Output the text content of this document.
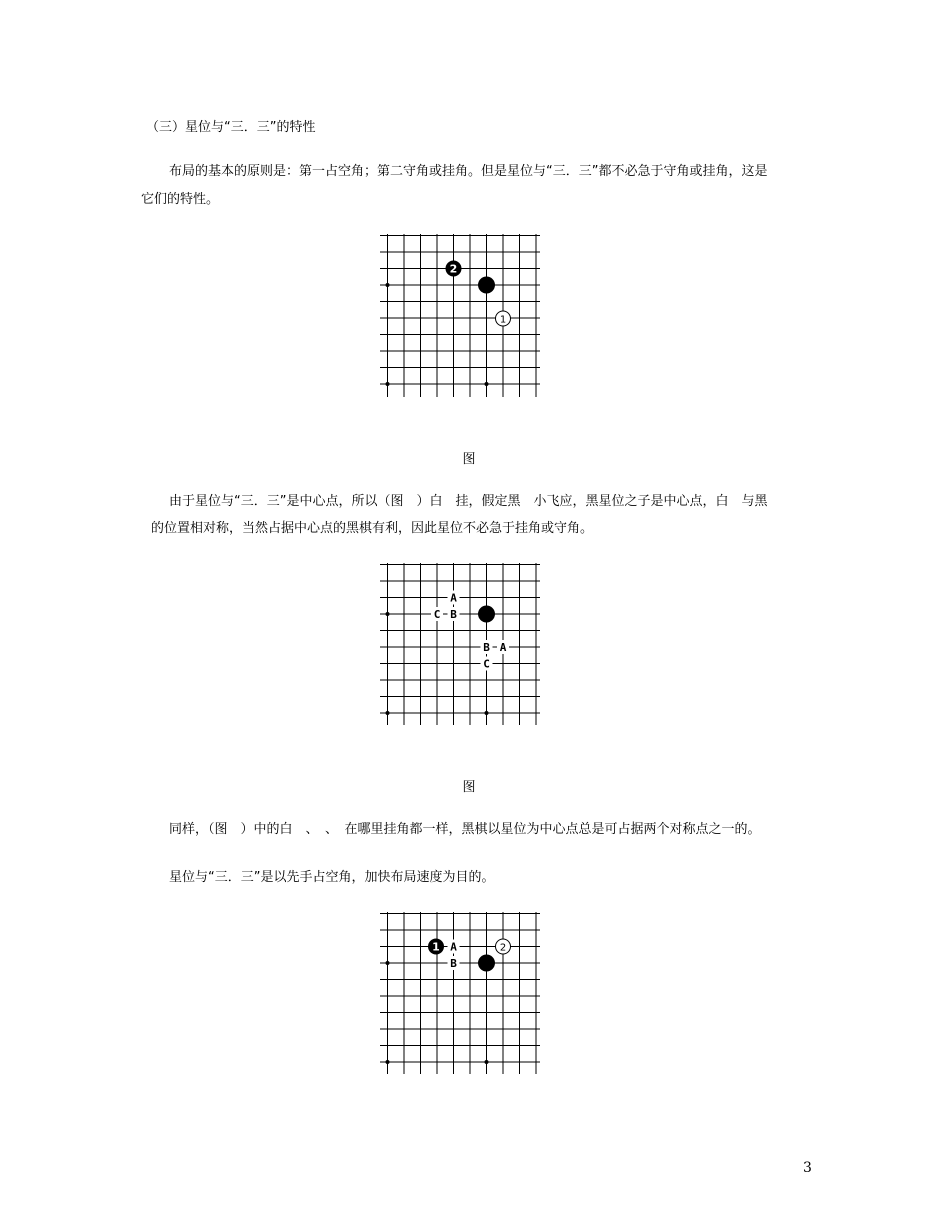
（三）星位与“三．三”的特性
布局的基本的原则是：第一占空角；第二守角或挂角。但是星位与“三．三”都不必急于守角或挂角，这是
它们的特性。
2
1
图
由于星位与“三．三”是中心点，所以（图　）白　挂，假定黑　小飞应，黑星位之子是中心点，白　与黑
的位置相对称，当然占据中心点的黑棋有利，因此星位不必急于挂角或守角。
A
C B
B A
C
图
同样，（图　）中的白　、　、　在哪里挂角都一样，黑棋以星位为中心点总是可占据两个对称点之一的。
星位与“三．三”是以先手占空角，加快布局速度为目的。
1 A	2
B
3
